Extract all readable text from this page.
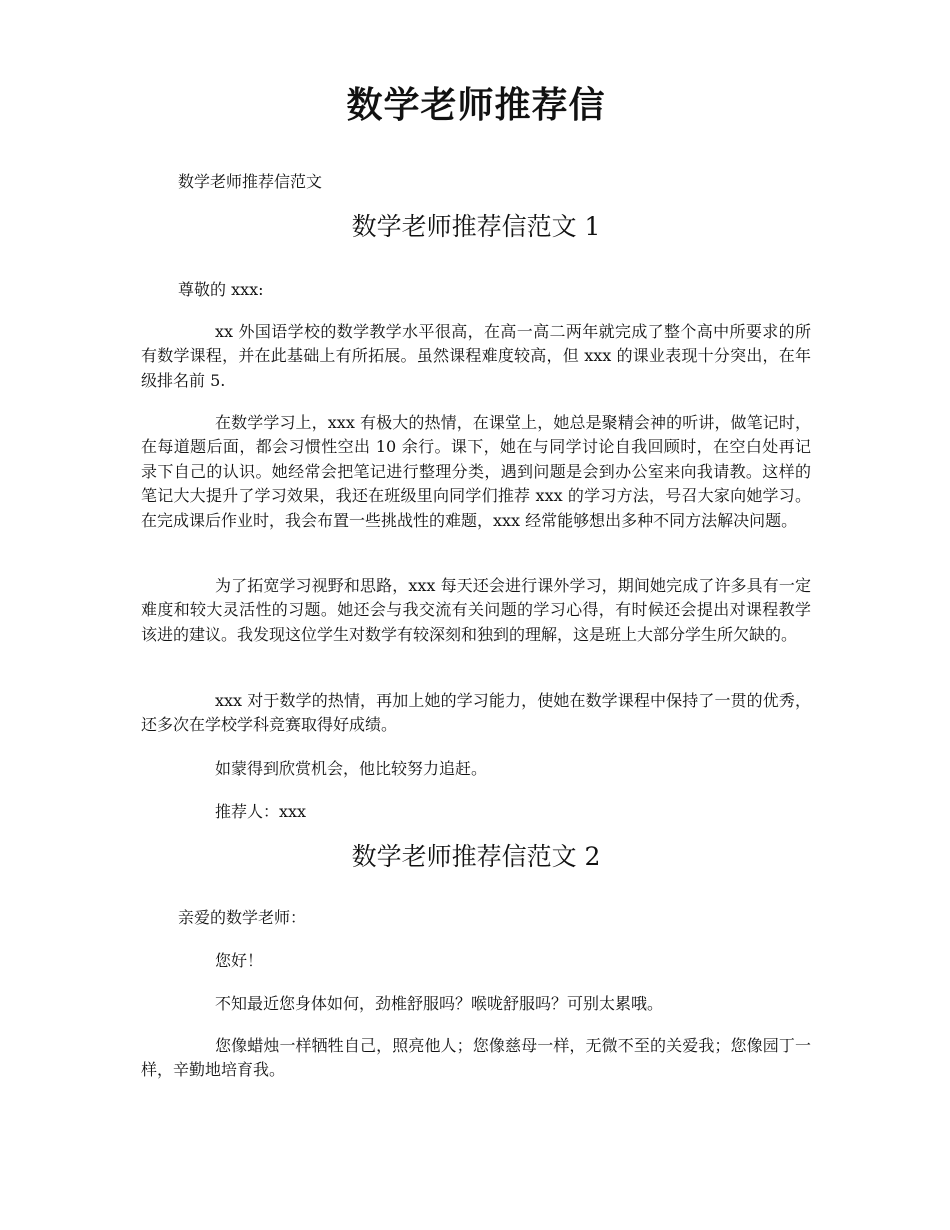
数学老师推荐信

数学老师推荐信范文

数学老师推荐信范文 1

尊敬的 xxx:

xx 外国语学校的数学教学水平很高，在高一高二两年就完成了整个高中所要求的所有数学课程，并在此基础上有所拓展。虽然课程难度较高，但 xxx 的课业表现十分突出，在年级排名前 5.

在数学学习上，xxx 有极大的热情，在课堂上，她总是聚精会神的听讲，做笔记时，在每道题后面，都会习惯性空出 10 余行。课下，她在与同学讨论自我回顾时，在空白处再记录下自己的认识。她经常会把笔记进行整理分类，遇到问题是会到办公室来向我请教。这样的笔记大大提升了学习效果，我还在班级里向同学们推荐 xxx 的学习方法，号召大家向她学习。在完成课后作业时，我会布置一些挑战性的难题，xxx 经常能够想出多种不同方法解决问题。

为了拓宽学习视野和思路，xxx 每天还会进行课外学习，期间她完成了许多具有一定难度和较大灵活性的习题。她还会与我交流有关问题的学习心得，有时候还会提出对课程教学该进的建议。我发现这位学生对数学有较深刻和独到的理解，这是班上大部分学生所欠缺的。

xxx 对于数学的热情，再加上她的学习能力，使她在数学课程中保持了一贯的优秀，还多次在学校学科竞赛取得好成绩。

如蒙得到欣赏机会，他比较努力追赶。

推荐人：xxx

数学老师推荐信范文 2

亲爱的数学老师：

您好！

不知最近您身体如何，劲椎舒服吗？喉咙舒服吗？可别太累哦。

您像蜡烛一样牺牲自己，照亮他人；您像慈母一样，无微不至的关爱我；您像园丁一样，辛勤地培育我。
